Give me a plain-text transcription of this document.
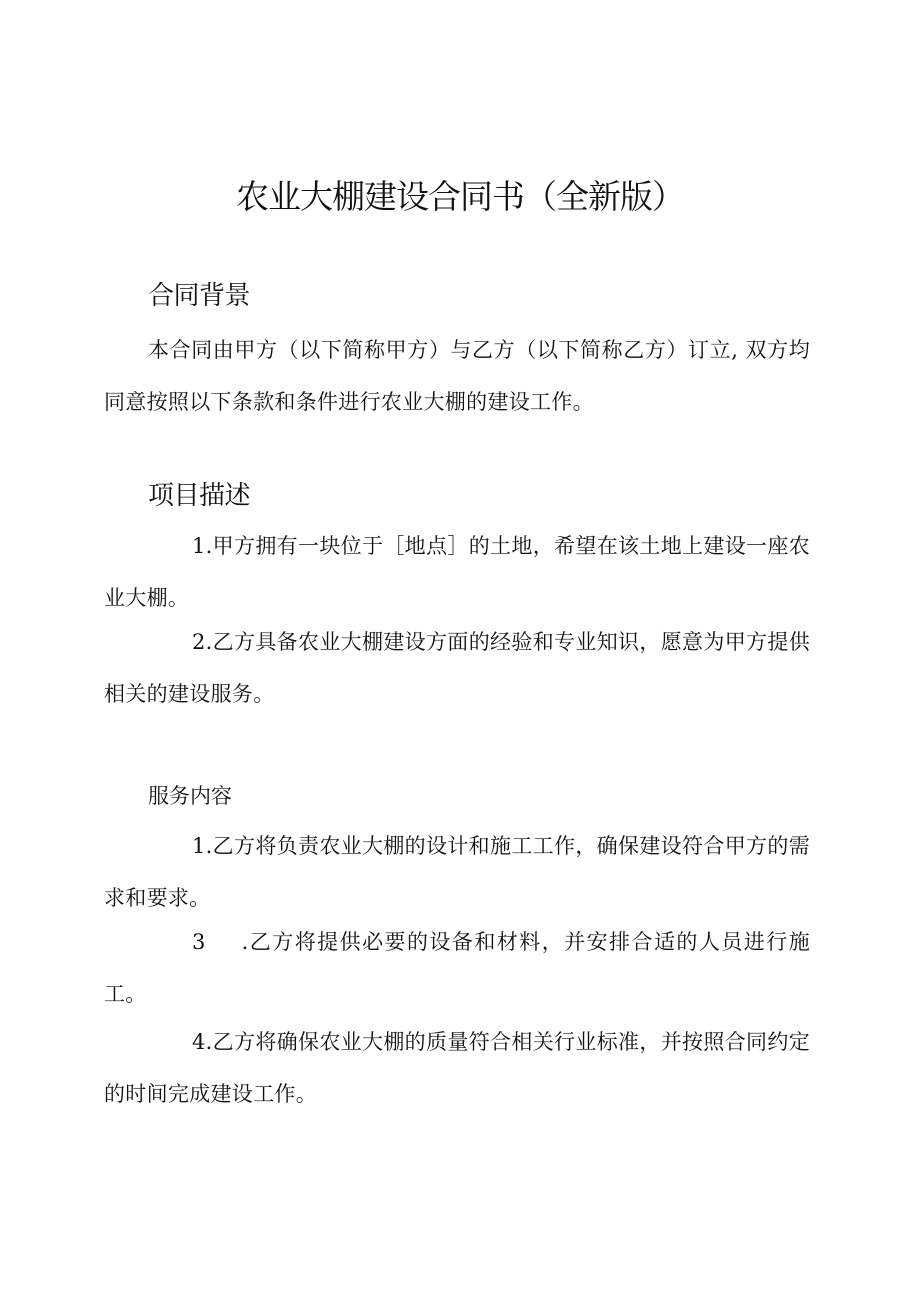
农业大棚建设合同书（全新版）
合同背景

本合同由甲方（以下简称甲方）与乙方（以下简称乙方）订立, 双方均同意按照以下条款和条件进行农业大棚的建设工作。

项目描述

1.甲方拥有一块位于［地点］的土地，希望在该土地上建设一座农业大棚。

2.乙方具备农业大棚建设方面的经验和专业知识，愿意为甲方提供相关的建设服务。

服务内容

1.乙方将负责农业大棚的设计和施工工作，确保建设符合甲方的需求和要求。

3 .乙方将提供必要的设备和材料，并安排合适的人员进行施工。

4.乙方将确保农业大棚的质量符合相关行业标准，并按照合同约定的时间完成建设工作。
